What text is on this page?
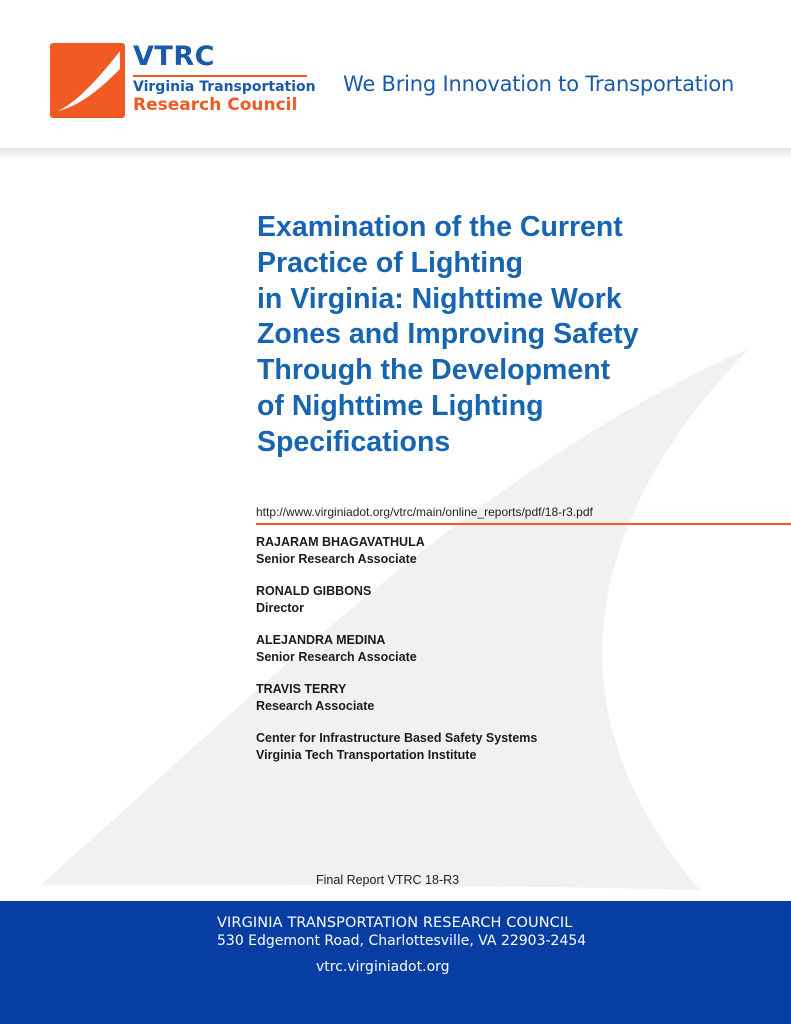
VTRC
Virginia Transportation
Research Council
We Bring Innovation to Transportation
Examination of the Current
Practice of Lighting
in Virginia: Nighttime Work
Zones and Improving Safety
Through the Development
of Nighttime Lighting
Specifications
http://www.virginiadot.org/vtrc/main/online_reports/pdf/18-r3.pdf
RAJARAM BHAGAVATHULA
Senior Research Associate
RONALD GIBBONS
Director
ALEJANDRA MEDINA
Senior Research Associate
TRAVIS TERRY
Research Associate
Center for Infrastructure Based Safety Systems
Virginia Tech Transportation Institute
Final Report VTRC 18-R3
VIRGINIA TRANSPORTATION RESEARCH COUNCIL
530 Edgemont Road, Charlottesville, VA 22903-2454
vtrc.virginiadot.org
